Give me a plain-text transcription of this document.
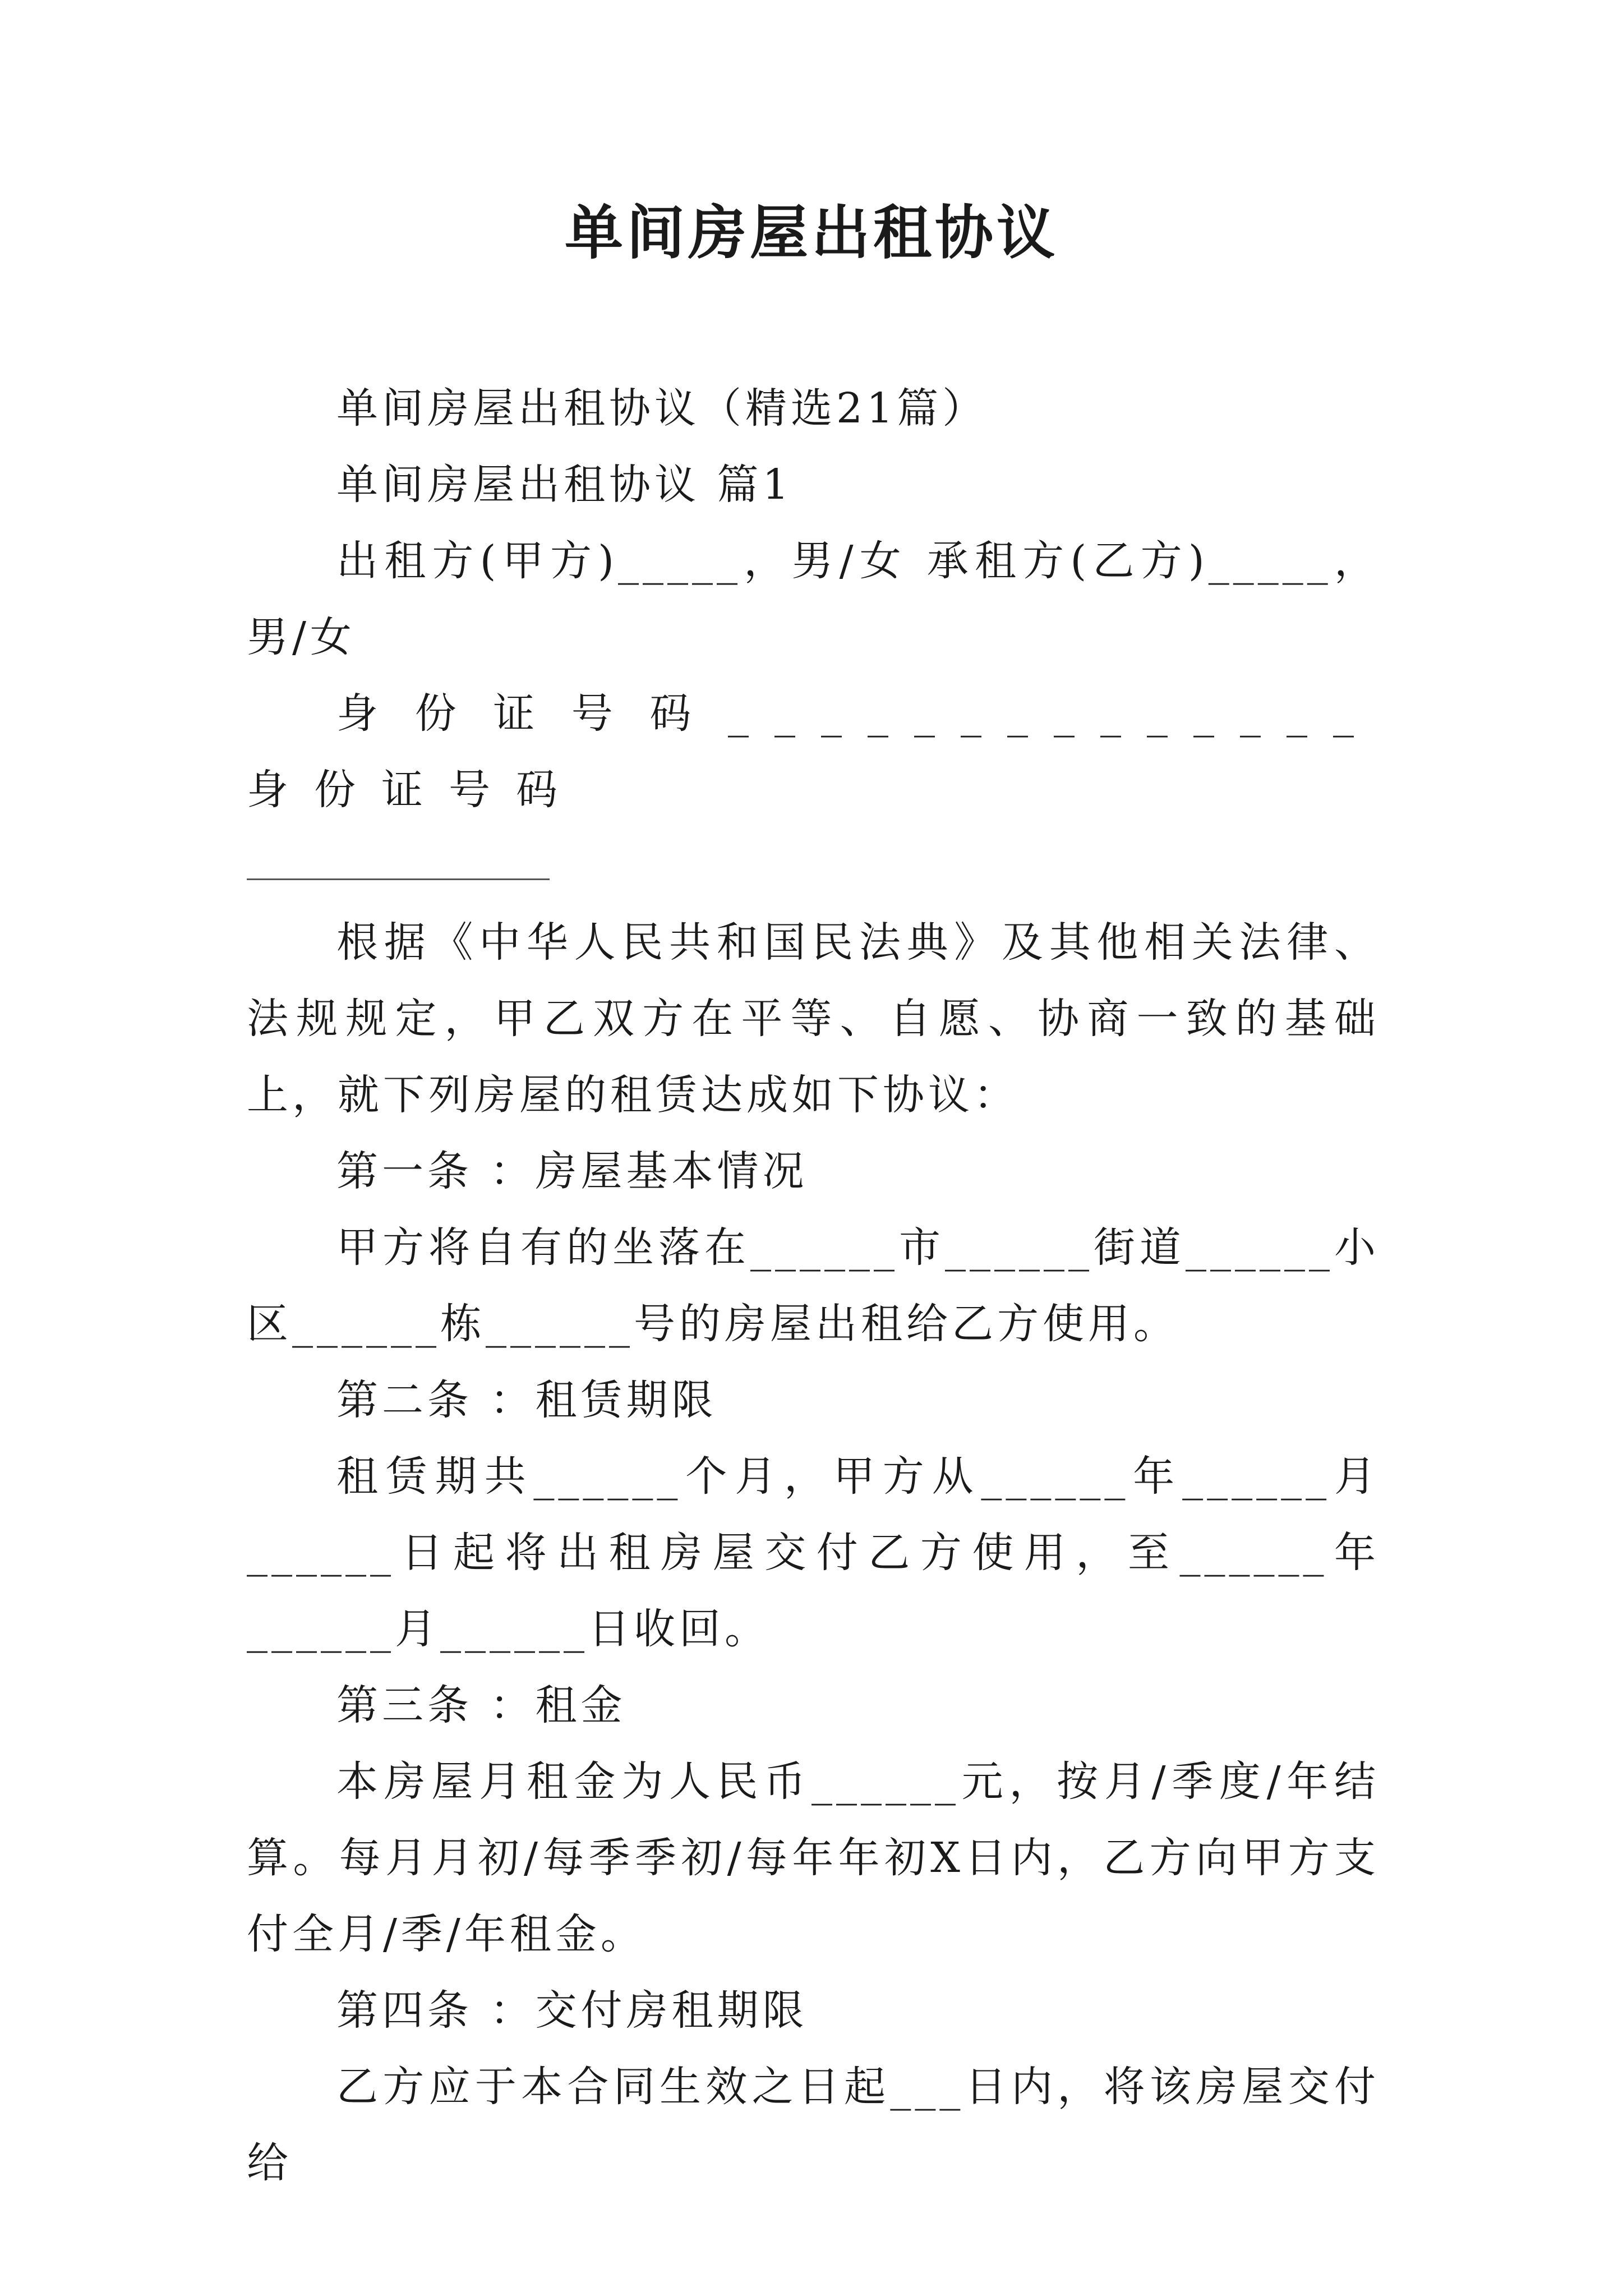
单间房屋出租协议

单间房屋出租协议（精选21篇）

单间房屋出租协议 篇1

出租方(甲方)_____，男/女 承租方(乙方)_____，男/女

身份证号码______________ 身份证号码

根据《中华人民共和国民法典》及其他相关法律、法规规定，甲乙双方在平等、自愿、协商一致的基础上，就下列房屋的租赁达成如下协议：

第一条 ：房屋基本情况

甲方将自有的坐落在______市______街道______小区______栋______号的房屋出租给乙方使用。

第二条 ：租赁期限

租赁期共______个月，甲方从______年______月______日起将出租房屋交付乙方使用，至______年______月______日收回。

第三条 ：租金

本房屋月租金为人民币______元，按月/季度/年结算。每月月初/每季季初/每年年初X日内，乙方向甲方支付全月/季/年租金。

第四条 ：交付房租期限

乙方应于本合同生效之日起___日内，将该房屋交付给
